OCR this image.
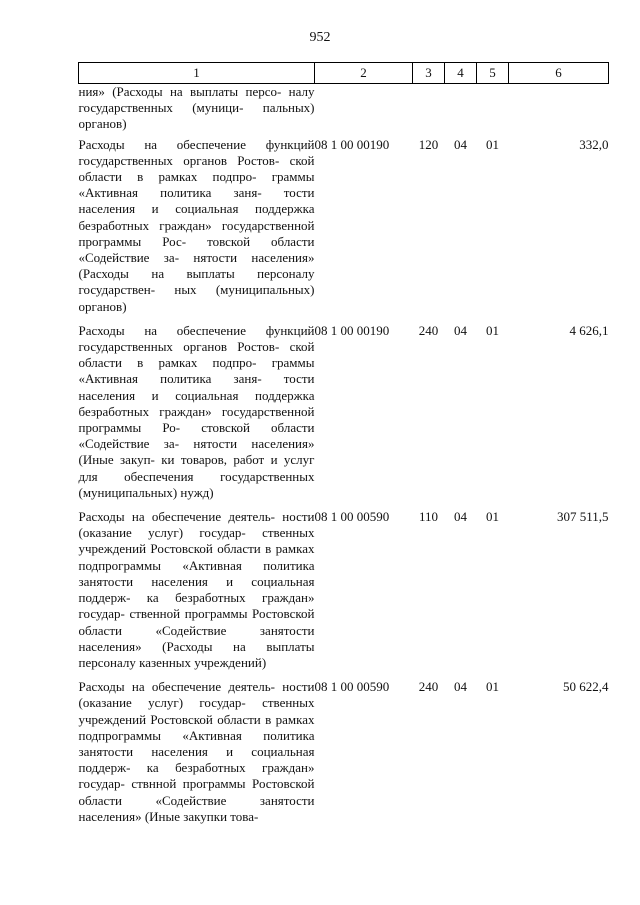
952
1	2	3	4	5	6
ния» (Расходы на выплаты персо- налу государственных (муници- пальных) органов)					
Расходы на обеспечение функций государственных органов Ростов- ской области в рамках подпро- граммы «Активная политика заня- тости населения и социальная поддержка безработных граждан» государственной программы Рос- товской области «Содействие за- нятости населения» (Расходы на выплаты персоналу государствен- ных (муниципальных) органов)	08 1 00 00190	120	04	01	332,0
Расходы на обеспечение функций государственных органов Ростов- ской области в рамках подпро- граммы «Активная политика заня- тости населения и социальная поддержка безработных граждан» государственной программы Ро- стовской области «Содействие за- нятости населения» (Иные закуп- ки товаров, работ и услуг для обеспечения государственных (муниципальных) нужд)	08 1 00 00190	240	04	01	4 626,1
Расходы на обеспечение деятель- ности (оказание услуг) государ- ственных учреждений Ростовской области в рамках подпрограммы «Активная политика занятости населения и социальная поддерж- ка безработных граждан» государ- ственной программы Ростовской области «Содействие занятости населения» (Расходы на выплаты персоналу казенных учреждений)	08 1 00 00590	110	04	01	307 511,5
Расходы на обеспечение деятель- ности (оказание услуг) государ- ственных учреждений Ростовской области в рамках подпрограммы «Активная политика занятости населения и социальная поддерж- ка безработных граждан» государ- ствнной программы Ростовской области «Содействие занятости населения» (Иные закупки това-	08 1 00 00590	240	04	01	50 622,4
